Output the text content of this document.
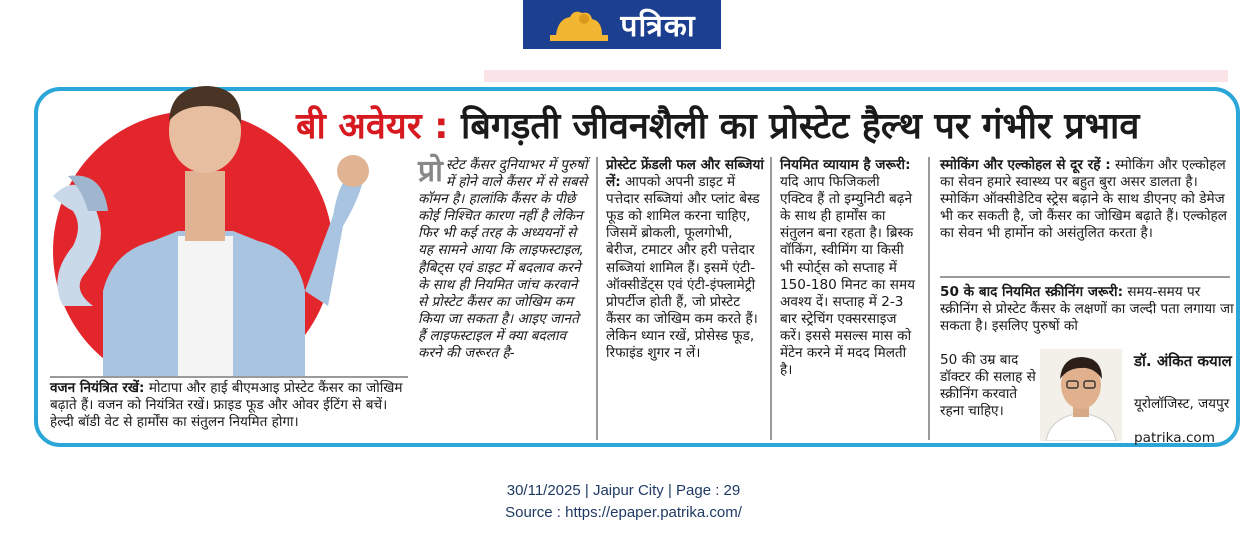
पत्रिका
बी अवेयर : बिगड़ती जीवनशैली का प्रोस्टेट हैल्थ पर गंभीर प्रभाव
प्रो स्टेट कैंसर दुनियाभर में पुरुषों में होने वाले कैंसर में से सबसे कॉमन है। हालांकि कैंसर के पीछे कोई निश्चित कारण नहीं है लेकिन फिर भी कई तरह के अध्ययनों से यह सामने आया कि लाइफस्टाइल, हैबिट्स एवं डाइट में बदलाव करने के साथ ही नियमित जांच करवाने से प्रोस्टेट कैंसर का जोखिम कम किया जा सकता है। आइए जानते हैं लाइफस्टाइल में क्या बदलाव करने की जरूरत है-
प्रोस्टेट फ्रेंडली फल और सब्जियां लें: आपको अपनी डाइट में पत्तेदार सब्जियां और प्लांट बेस्ड फूड को शामिल करना चाहिए, जिसमें ब्रोकली, फूलगोभी, बेरीज, टमाटर और हरी पत्तेदार सब्जियां शामिल हैं। इसमें एंटी-ऑक्सीडेंट्स एवं एंटी-इंफ्लामेट्री प्रोपर्टीज होती हैं, जो प्रोस्टेट कैंसर का जोखिम कम करते हैं। लेकिन ध्यान रखें, प्रोसेस्ड फूड, रिफाइंड शुगर न लें।
नियमित व्यायाम है जरूरी: यदि आप फिजिकली एक्टिव हैं तो इम्युनिटी बढ़ने के साथ ही हार्मोंस का संतुलन बना रहता है। ब्रिस्क वॉकिंग, स्वीमिंग या किसी भी स्पोर्ट्स को सप्ताह में 150-180 मिनट का समय अवश्य दें। सप्ताह में 2-3 बार स्ट्रेचिंग एक्सरसाइज करें। इससे मसल्स मास को मेंटेन करने में मदद मिलती है।
स्मोकिंग और एल्कोहल से दूर रहें : स्मोकिंग और एल्कोहल का सेवन हमारे स्वास्थ्य पर बहुत बुरा असर डालता है। स्मोकिंग ऑक्सीडेटिव स्ट्रेस बढ़ाने के साथ डीएनए को डेमेज भी कर सकती है, जो कैंसर का जोखिम बढ़ाते हैं। एल्कोहल का सेवन भी हार्मोन को असंतुलित करता है।
50 के बाद नियमित स्क्रीनिंग जरूरी: समय-समय पर स्क्रीनिंग से प्रोस्टेट कैंसर के लक्षणों का जल्दी पता लगाया जा सकता है। इसलिए पुरुषों को
50 की उम्र बाद डॉक्टर की सलाह से स्क्रीनिंग करवाते रहना चाहिए।
डॉ. अंकित कयाल
यूरोलॉजिस्ट, जयपुर
patrika.com
वजन नियंत्रित रखें: मोटापा और हाई बीएमआइ प्रोस्टेट कैंसर का जोखिम बढ़ाते हैं। वजन को नियंत्रित रखें। फ्राइड फूड और ओवर ईटिंग से बचें। हेल्दी बॉडी वेट से हार्मोंस का संतुलन नियमित होगा।
30/11/2025 | Jaipur City | Page : 29
Source : https://epaper.patrika.com/
